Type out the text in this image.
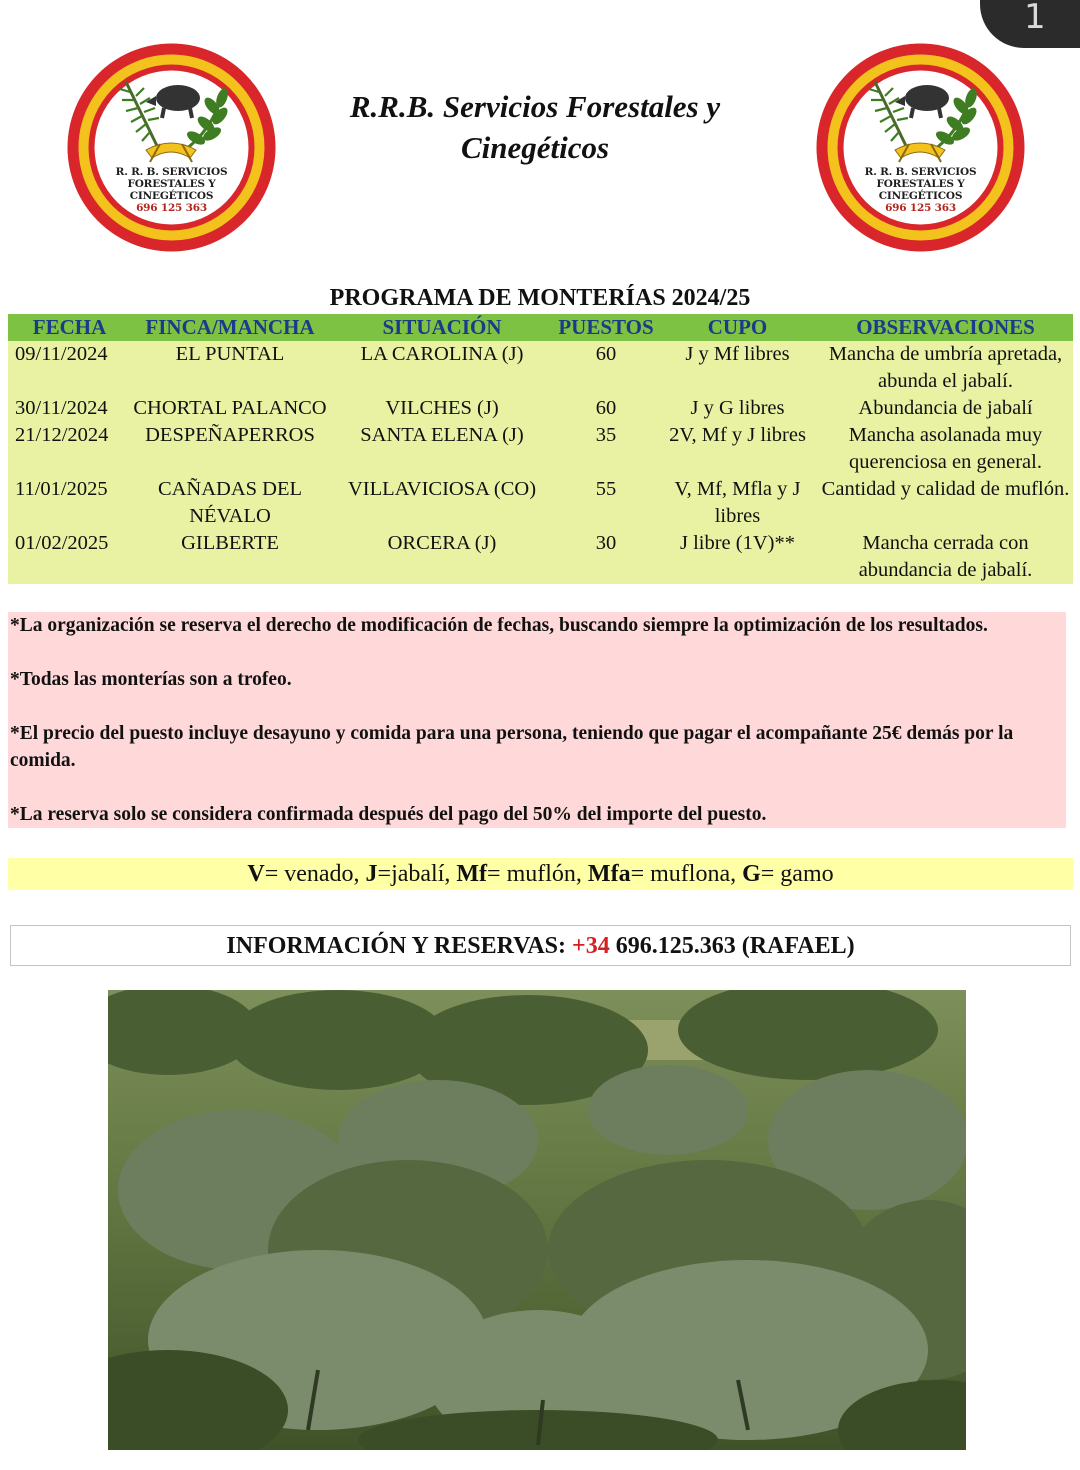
1
R. R. B. SERVICIOS
FORESTALES Y
CINEGÉTICOS
696 125 363
R.R.B. Servicios Forestales y
Cinegéticos
R. R. B. SERVICIOS
FORESTALES Y
CINEGÉTICOS
696 125 363
PROGRAMA DE MONTERÍAS 2024/25
FECHA	FINCA/MANCHA	SITUACIÓN	PUESTOS	CUPO	OBSERVACIONES
09/11/2024	EL PUNTAL	LA CAROLINA (J)	60	J y Mf libres	Mancha de umbría apretada, abunda el jabalí.
30/11/2024	CHORTAL PALANCO	VILCHES (J)	60	J y G libres	Abundancia de jabalí
21/12/2024	DESPEÑAPERROS	SANTA ELENA (J)	35	2V, Mf y J libres	Mancha asolanada muy querenciosa en general.
11/01/2025	CAÑADAS DEL NÉVALO	VILLAVICIOSA (CO)	55	V, Mf, Mfla y J libres	Cantidad y calidad de muflón.
01/02/2025	GILBERTE	ORCERA (J)	30	J libre (1V)**	Mancha cerrada con abundancia de jabalí.

*La organización se reserva el derecho de modificación de fechas, buscando siempre la optimización de los resultados.

*Todas las monterías son a trofeo.

*El precio del puesto incluye desayuno y comida para una persona, teniendo que pagar el acompañante 25€ demás por la comida.

*La reserva solo se considera confirmada después del pago del 50% del importe del puesto.

V= venado, J=jabalí, Mf= muflón, Mfa= muflona, G= gamo
INFORMACIÓN Y RESERVAS: +34 696.125.363 (RAFAEL)
